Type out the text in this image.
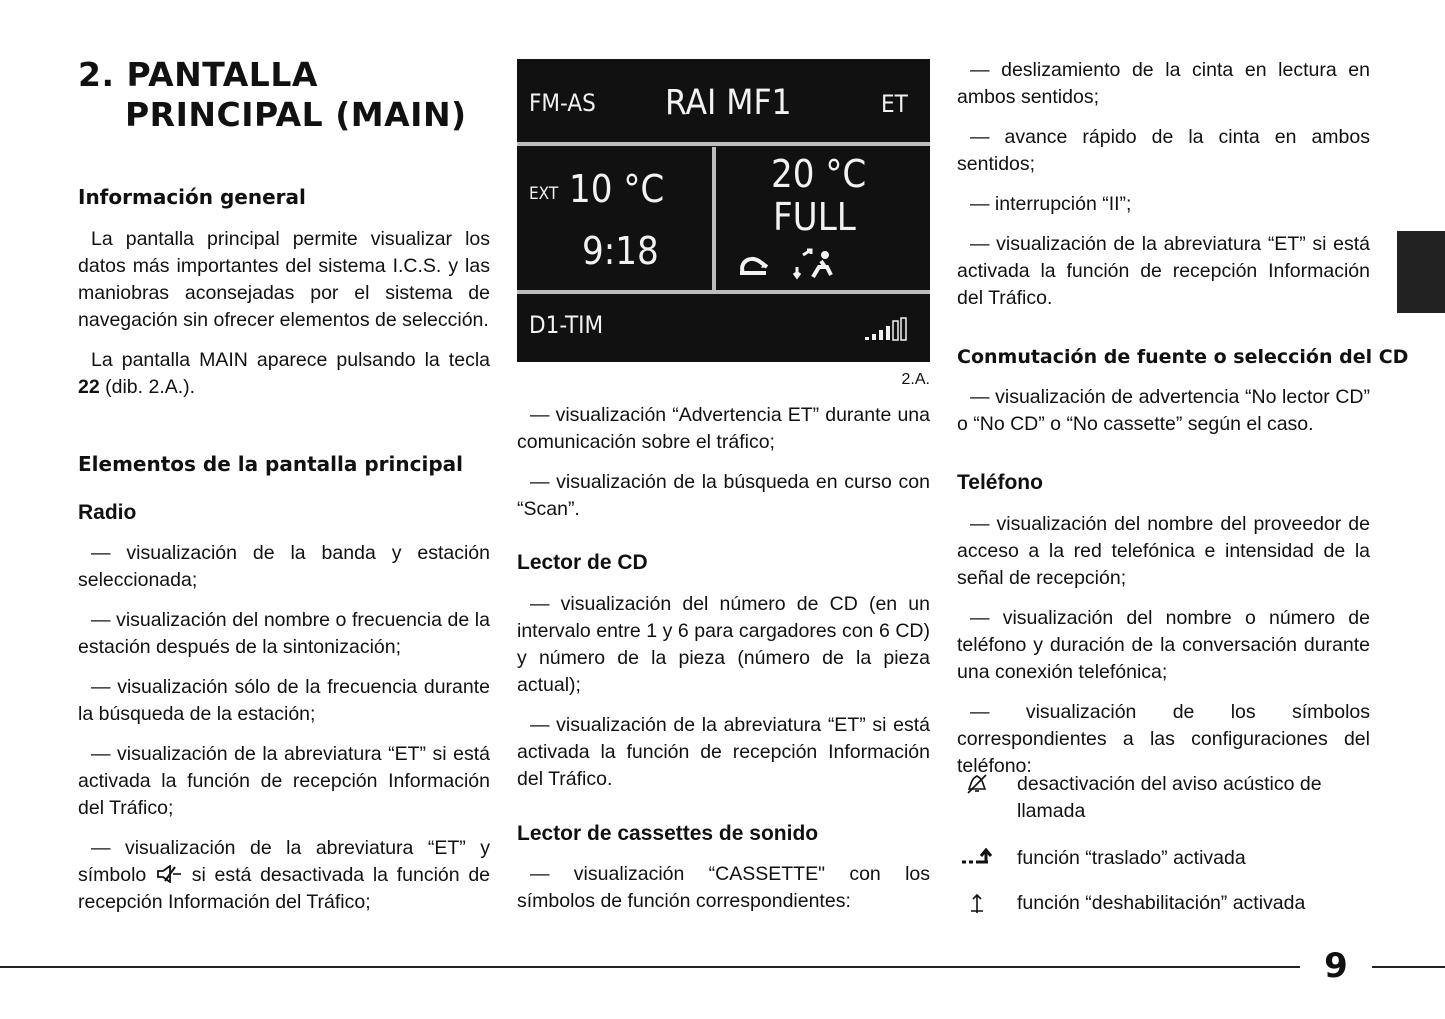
2. PANTALLA
PRINCIPAL (MAIN)
Información general

La pantalla principal permite visualizar los datos más importantes del sistema I.C.S. y las maniobras aconsejadas por el sistema de navegación sin ofrecer elementos de selección.

La pantalla MAIN aparece pulsando la tecla 22 (dib. 2.A.).

Elementos de la pantalla principal
Radio

— visualización de la banda y estación seleccionada;

— visualización del nombre o frecuencia de la estación después de la sintonización;

— visualización sólo de la frecuencia durante la búsqueda de la estación;

— visualización de la abreviatura “ET” si está activada la función de recepción Información del Tráfico;

— visualización de la abreviatura “ET” y símbolo  si está desactivada la función de recepción Información del Tráfico;

FM-AS RAI MF1	ET
EXT 10 °C
9:18
20 °C
FULL
D1-TIM
2.A.

— visualización “Advertencia ET” durante una comunicación sobre el tráfico;

— visualización de la búsqueda en curso con “Scan”.

Lector de CD

— visualización del número de CD (en un intervalo entre 1 y 6 para cargadores con 6 CD) y número de la pieza (número de la pieza actual);

— visualización de la abreviatura “ET” si está activada la función de recepción Información del Tráfico.

Lector de cassettes de sonido

— visualización “CASSETTE" con los símbolos de función correspondientes:

— deslizamiento de la cinta en lectura en ambos sentidos;

— avance rápido de la cinta en ambos sentidos;

— interrupción “II”;

— visualización de la abreviatura “ET” si está activada la función de recepción Información del Tráfico.

Conmutación de fuente o selección del CD

— visualización de advertencia “No lector CD” o “No CD” o “No cassette” según el caso.

Teléfono

— visualización del nombre del proveedor de acceso a la red telefónica e intensidad de la señal de recepción;

— visualización del nombre o número de teléfono y duración de la conversación durante una conexión telefónica;

— visualización de los símbolos correspondientes a las configuraciones del teléfono:

desactivación del aviso acústico de llamada
función “traslado” activada
función “deshabilitación” activada
9
